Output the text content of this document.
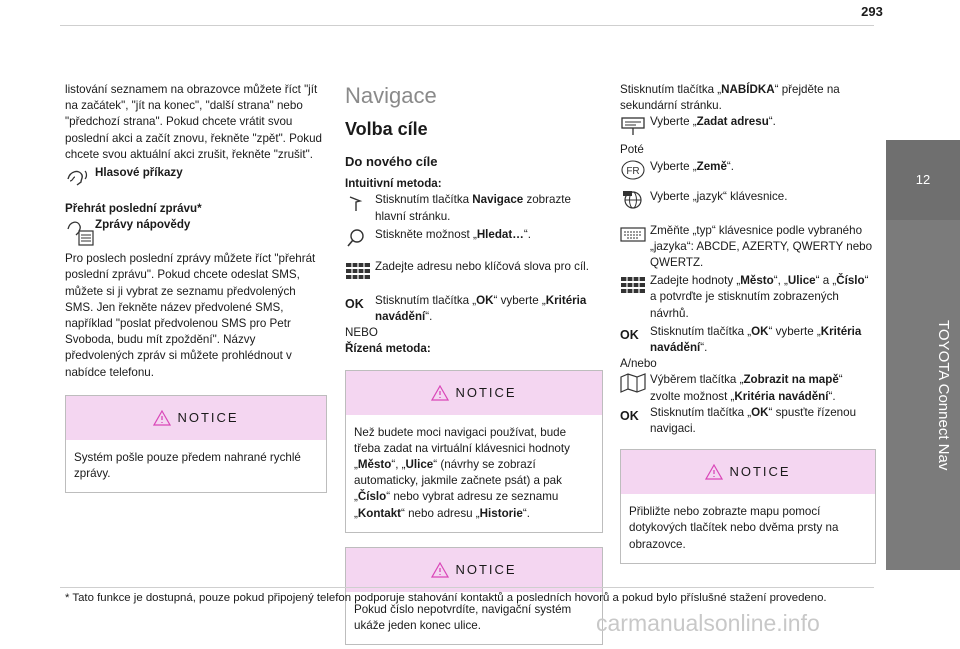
293
12
TOYOTA Connect Nav

listování seznamem na obrazovce můžete říct "jít na začátek", "jít na konec", "další strana" nebo "předchozí strana". Pokud chcete vrátit svou poslední akci a začít znovu, řekněte "zpět". Pokud chcete svou aktuální akci zrušit, řekněte "zrušit".

Hlasové příkazy

Přehrát poslední zprávu*

Zprávy nápovědy

Pro poslech poslední zprávy můžete říct "přehrát poslední zprávu". Pokud chcete odeslat SMS, můžete si ji vybrat ze seznamu předvolených SMS. Jen řekněte název předvolené SMS, například "poslat předvolenou SMS pro Petr Svoboda, budu mít zpoždění". Názvy předvolených zpráv si můžete prohlédnout v nabídce telefonu.

NOTICE
Systém pošle pouze předem nahrané rychlé zprávy.
Navigace
Volba cíle
Do nového cíle

Intuitivní metoda:

Stisknutím tlačítka Navigace zobrazte hlavní stránku.
Stiskněte možnost „Hledat…“.
Zadejte adresu nebo klíčová slova pro cíl.
OK Stisknutím tlačítka „OK“ vyberte „Kritéria navádění“.

NEBO

Řízená metoda:

NOTICE
Než budete moci navigaci používat, bude třeba zadat na virtuální klávesnici hodnoty „Město“, „Ulice“ (návrhy se zobrazí automaticky, jakmile začnete psát) a pak „Číslo“ nebo vybrat adresu ze seznamu „Kontakt“ nebo adresu „Historie“.
NOTICE
Pokud číslo nepotvrdíte, navigační systém ukáže jeden konec ulice.

Stisknutím tlačítka „NABÍDKA“ přejděte na sekundární stránku.

Vyberte „Zadat adresu“.

Poté

FR Vyberte „Země“.
Vyberte „jazyk“ klávesnice.
Změňte „typ“ klávesnice podle vybraného „jazyka“: ABCDE, AZERTY, QWERTY nebo QWERTZ.
Zadejte hodnoty „Město“, „Ulice“ a „Číslo“ a potvrďte je stisknutím zobrazených návrhů.
OK Stisknutím tlačítka „OK“ vyberte „Kritéria navádění“.

A/nebo

Výběrem tlačítka „Zobrazit na mapě“ zvolte možnost „Kritéria navádění“.
OK Stisknutím tlačítka „OK“ spusťte řízenou navigaci.
NOTICE
Přibližte nebo zobrazte mapu pomocí dotykových tlačítek nebo dvěma prsty na obrazovce.
* Tato funkce je dostupná, pouze pokud připojený telefon podporuje stahování kontaktů a posledních hovorů a pokud bylo příslušné stažení provedeno.
carmanualsonline.info
